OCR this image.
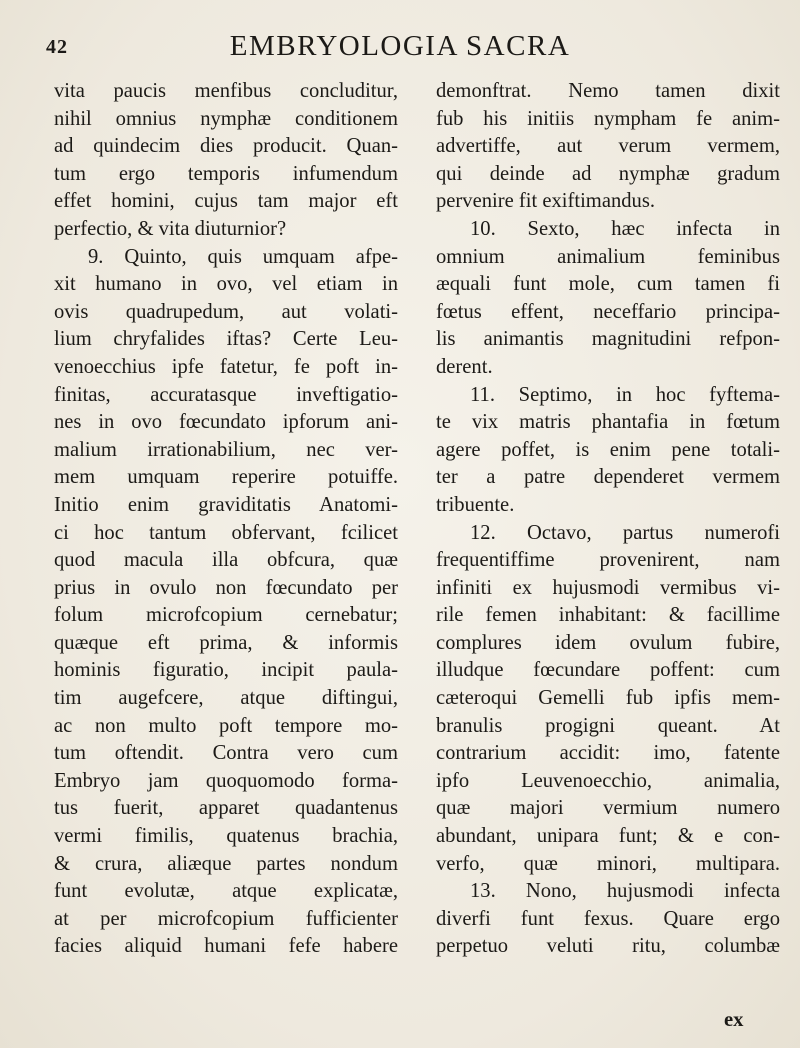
42	EMBRYOLOGIA SACRA
vita paucis menfibus concluditur,
nihil omnius nymphæ conditionem
ad quindecim dies producit. Quan-
tum ergo temporis infumendum
effet homini, cujus tam major eft
perfectio, & vita diuturnior?
9. Quinto, quis umquam afpe-
xit humano in ovo, vel etiam in
ovis quadrupedum, aut volati-
lium chryfalides iftas? Certe Leu-
venoecchius ipfe fatetur, fe poft in-
finitas, accuratasque inveftigatio-
nes in ovo fœcundato ipforum ani-
malium irrationabilium, nec ver-
mem umquam reperire potuiffe.
Initio enim graviditatis Anatomi-
ci hoc tantum obfervant, fcilicet
quod macula illa obfcura, quæ
prius in ovulo non fœcundato per
folum microfcopium cernebatur;
quæque eft prima, & informis
hominis figuratio, incipit paula-
tim augefcere, atque diftingui,
ac non multo poft tempore mo-
tum oftendit. Contra vero cum
Embryo jam quoquomodo forma-
tus fuerit, apparet quadantenus
vermi fimilis, quatenus brachia,
& crura, aliæque partes nondum
funt evolutæ, atque explicatæ,
at per microfcopium fufficienter
facies aliquid humani fefe habere
demonftrat. Nemo tamen dixit
fub his initiis nympham fe anim-
advertiffe, aut verum vermem,
qui deinde ad nymphæ gradum
pervenire fit exiftimandus.
10. Sexto, hæc infecta in
omnium animalium feminibus
æquali funt mole, cum tamen fi
fœtus effent, neceffario principa-
lis animantis magnitudini refpon-
derent.
11. Septimo, in hoc fyftema-
te vix matris phantafia in fœtum
agere poffet, is enim pene totali-
ter a patre dependeret vermem
tribuente.
12. Octavo, partus numerofi
frequentiffime provenirent, nam
infiniti ex hujusmodi vermibus vi-
rile femen inhabitant: & facillime
complures idem ovulum fubire,
illudque fœcundare poffent: cum
cæteroqui Gemelli fub ipfis mem-
branulis progigni queant. At
contrarium accidit: imo, fatente
ipfo Leuvenoecchio, animalia,
quæ majori vermium numero
abundant, unipara funt; & e con-
verfo, quæ minori, multipara.
13. Nono, hujusmodi infecta
diverfi funt fexus. Quare ergo
perpetuo veluti ritu, columbæ
ex
